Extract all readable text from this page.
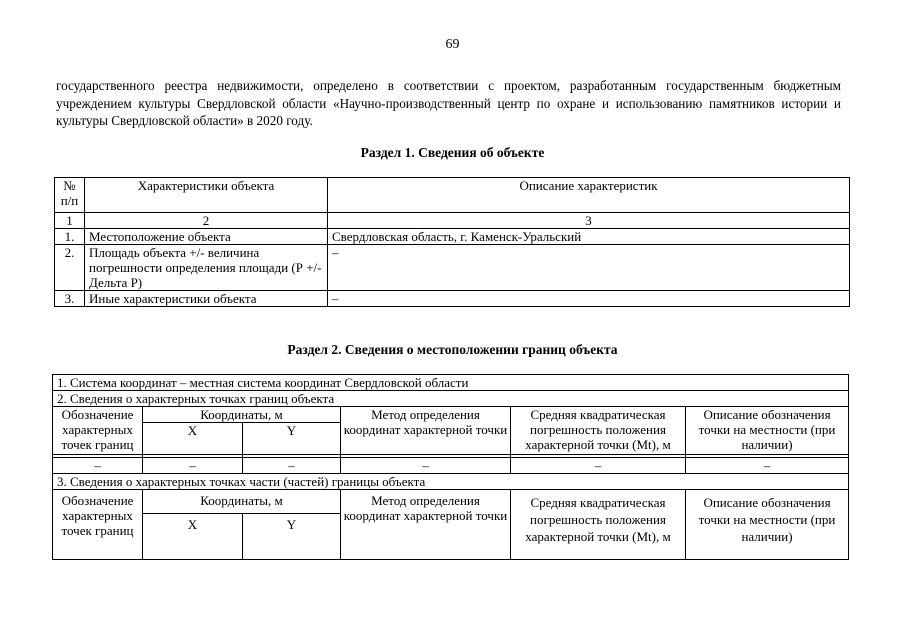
69
государственного реестра недвижимости, определено в соответствии с проектом, разработанным государственным бюджетным учреждением культуры Свердловской области «Научно-производственный центр по охране и использованию памятников истории и культуры Свердловской области» в 2020 году.
Раздел 1. Сведения об объекте
№ п/п	Характеристики объекта	Описание характеристик
1	2	3
1.	Местоположение объекта	Свердловская область, г. Каменск-Уральский
2.	Площадь объекта +/- величина погрешности определения площади (Р +/- Дельта Р)	–
3.	Иные характеристики объекта	–
Раздел 2. Сведения о местоположении границ объекта
1. Система координат – местная система координат Свердловской области					
2. Сведения о характерных точках границ объекта					
Обозначение характерных точек границ	Координаты, м		Метод определения координат характерной точки	Средняя квадратическая погрешность положения характерной точки (Mt), м	Описание обозначения точки на местности (при наличии)
	X	Y			

–	–	–	–	–	–
3. Сведения о характерных точках части (частей) границы объекта					
Обозначение характерных точек границ	Координаты, м		Метод определения координат характерной точки	Средняя квадратическая погрешность положения характерной точки (Mt), м	Описание обозначения точки на местности (при наличии)
	X	Y			
